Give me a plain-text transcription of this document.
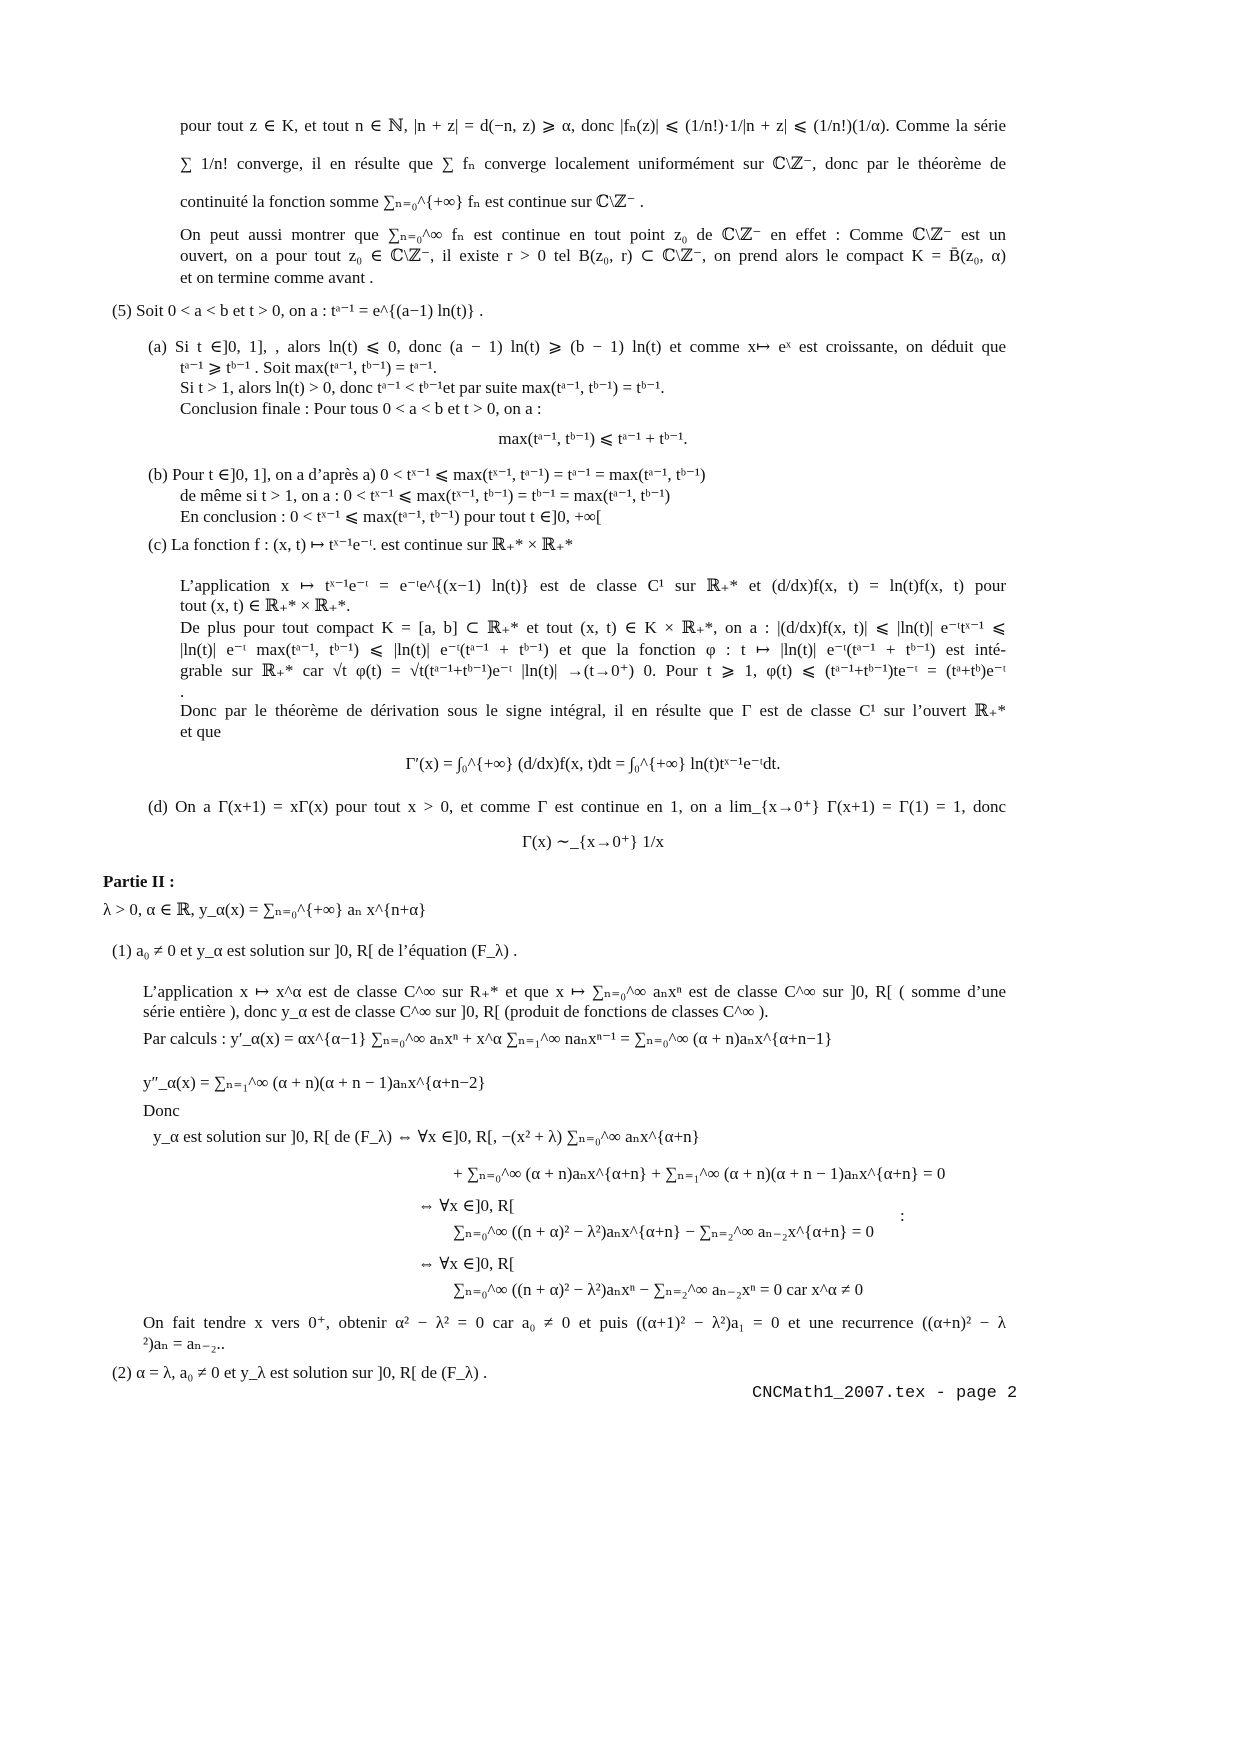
pour tout z ∈ K, et tout n ∈ ℕ, |n + z| = d(−n, z) ⩾ α, donc |fₙ(z)| ⩽ (1/n!)·1/|n + z| ⩽ (1/n!)(1/α). Comme la série
∑ 1/n! converge, il en résulte que ∑ fₙ converge localement uniformément sur ℂ\ℤ⁻, donc par le théorème de
continuité la fonction somme ∑ₙ₌₀^{+∞} fₙ est continue sur ℂ\ℤ⁻ .
On peut aussi montrer que ∑ₙ₌₀^∞ fₙ est continue en tout point z₀ de ℂ\ℤ⁻ en effet : Comme ℂ\ℤ⁻ est un
ouvert, on a pour tout z₀ ∈ ℂ\ℤ⁻, il existe r > 0 tel B(z₀, r) ⊂ ℂ\ℤ⁻, on prend alors le compact K = B̄(z₀, α)
et on termine comme avant .
(5) Soit 0 < a < b et t > 0, on a : tᵃ⁻¹ = e^{(a−1) ln(t)} .
(a) Si t ∈]0, 1], , alors ln(t) ⩽ 0, donc (a − 1) ln(t) ⩾ (b − 1) ln(t) et comme x↦ eˣ est croissante, on déduit que
tᵃ⁻¹ ⩾ tᵇ⁻¹ . Soit max(tᵃ⁻¹, tᵇ⁻¹) = tᵃ⁻¹.
Si t > 1, alors ln(t) > 0, donc tᵃ⁻¹ < tᵇ⁻¹et par suite max(tᵃ⁻¹, tᵇ⁻¹) = tᵇ⁻¹.
Conclusion finale : Pour tous 0 < a < b et t > 0, on a :
max(tᵃ⁻¹, tᵇ⁻¹) ⩽ tᵃ⁻¹ + tᵇ⁻¹.
(b) Pour t ∈]0, 1], on a d’après a) 0 < tˣ⁻¹ ⩽ max(tˣ⁻¹, tᵃ⁻¹) = tᵃ⁻¹ = max(tᵃ⁻¹, tᵇ⁻¹)
de même si t > 1, on a : 0 < tˣ⁻¹ ⩽ max(tˣ⁻¹, tᵇ⁻¹) = tᵇ⁻¹ = max(tᵃ⁻¹, tᵇ⁻¹)
En conclusion : 0 < tˣ⁻¹ ⩽ max(tᵃ⁻¹, tᵇ⁻¹) pour tout t ∈]0, +∞[
(c) La fonction f : (x, t) ↦ tˣ⁻¹e⁻ᵗ. est continue sur ℝ₊* × ℝ₊*
L’application x ↦ tˣ⁻¹e⁻ᵗ = e⁻ᵗe^{(x−1) ln(t)} est de classe C¹ sur ℝ₊* et (d/dx)f(x, t) = ln(t)f(x, t) pour
tout (x, t) ∈ ℝ₊* × ℝ₊*.
De plus pour tout compact K = [a, b] ⊂ ℝ₊* et tout (x, t) ∈ K × ℝ₊*, on a : |(d/dx)f(x, t)| ⩽ |ln(t)| e⁻ᵗtˣ⁻¹ ⩽
|ln(t)| e⁻ᵗ max(tᵃ⁻¹, tᵇ⁻¹) ⩽ |ln(t)| e⁻ᵗ(tᵃ⁻¹ + tᵇ⁻¹) et que la fonction φ : t ↦ |ln(t)| e⁻ᵗ(tᵃ⁻¹ + tᵇ⁻¹) est inté-
grable sur ℝ₊* car √t φ(t) = √t(tᵃ⁻¹+tᵇ⁻¹)e⁻ᵗ |ln(t)| →(t→0⁺) 0. Pour t ⩾ 1, φ(t) ⩽ (tᵃ⁻¹+tᵇ⁻¹)te⁻ᵗ = (tᵃ+tᵇ)e⁻ᵗ
.
Donc par le théorème de dérivation sous le signe intégral, il en résulte que Γ est de classe C¹ sur l’ouvert ℝ₊*
et que
Γ′(x) = ∫₀^{+∞} (d/dx)f(x, t)dt = ∫₀^{+∞} ln(t)tˣ⁻¹e⁻ᵗdt.
(d) On a Γ(x+1) = xΓ(x) pour tout x > 0, et comme Γ est continue en 1, on a lim_{x→0⁺} Γ(x+1) = Γ(1) = 1, donc
Γ(x) ∼_{x→0⁺} 1/x
Partie II :
λ > 0, α ∈ ℝ, y_α(x) = ∑ₙ₌₀^{+∞} aₙ x^{n+α}
(1) a₀ ≠ 0 et y_α est solution sur ]0, R[ de l’équation (F_λ) .
L’application x ↦ x^α est de classe C^∞ sur R₊* et que x ↦ ∑ₙ₌₀^∞ aₙxⁿ est de classe C^∞ sur ]0, R[ ( somme d’une
série entière ), donc y_α est de classe C^∞ sur ]0, R[ (produit de fonctions de classes C^∞ ).
Par calculs : y′_α(x) = αx^{α−1} ∑ₙ₌₀^∞ aₙxⁿ + x^α ∑ₙ₌₁^∞ naₙxⁿ⁻¹ = ∑ₙ₌₀^∞ (α + n)aₙx^{α+n−1}
y″_α(x) = ∑ₙ₌₁^∞ (α + n)(α + n − 1)aₙx^{α+n−2}
Donc
y_α est solution sur ]0, R[ de (F_λ) ⇔ ∀x ∈]0, R[, −(x² + λ) ∑ₙ₌₀^∞ aₙx^{α+n}
+ ∑ₙ₌₀^∞ (α + n)aₙx^{α+n} + ∑ₙ₌₁^∞ (α + n)(α + n − 1)aₙx^{α+n} = 0
⇔ ∀x ∈]0, R[
∑ₙ₌₀^∞ ((n + α)² − λ²)aₙx^{α+n} − ∑ₙ₌₂^∞ aₙ₋₂x^{α+n} = 0
:
⇔ ∀x ∈]0, R[
∑ₙ₌₀^∞ ((n + α)² − λ²)aₙxⁿ − ∑ₙ₌₂^∞ aₙ₋₂xⁿ = 0 car x^α ≠ 0
On fait tendre x vers 0⁺, obtenir α² − λ² = 0 car a₀ ≠ 0 et puis ((α+1)² − λ²)a₁ = 0 et une recurrence ((α+n)² − λ
²)aₙ = aₙ₋₂..
(2) α = λ, a₀ ≠ 0 et y_λ est solution sur ]0, R[ de (F_λ) .
CNCMath1_2007.tex - page 2
